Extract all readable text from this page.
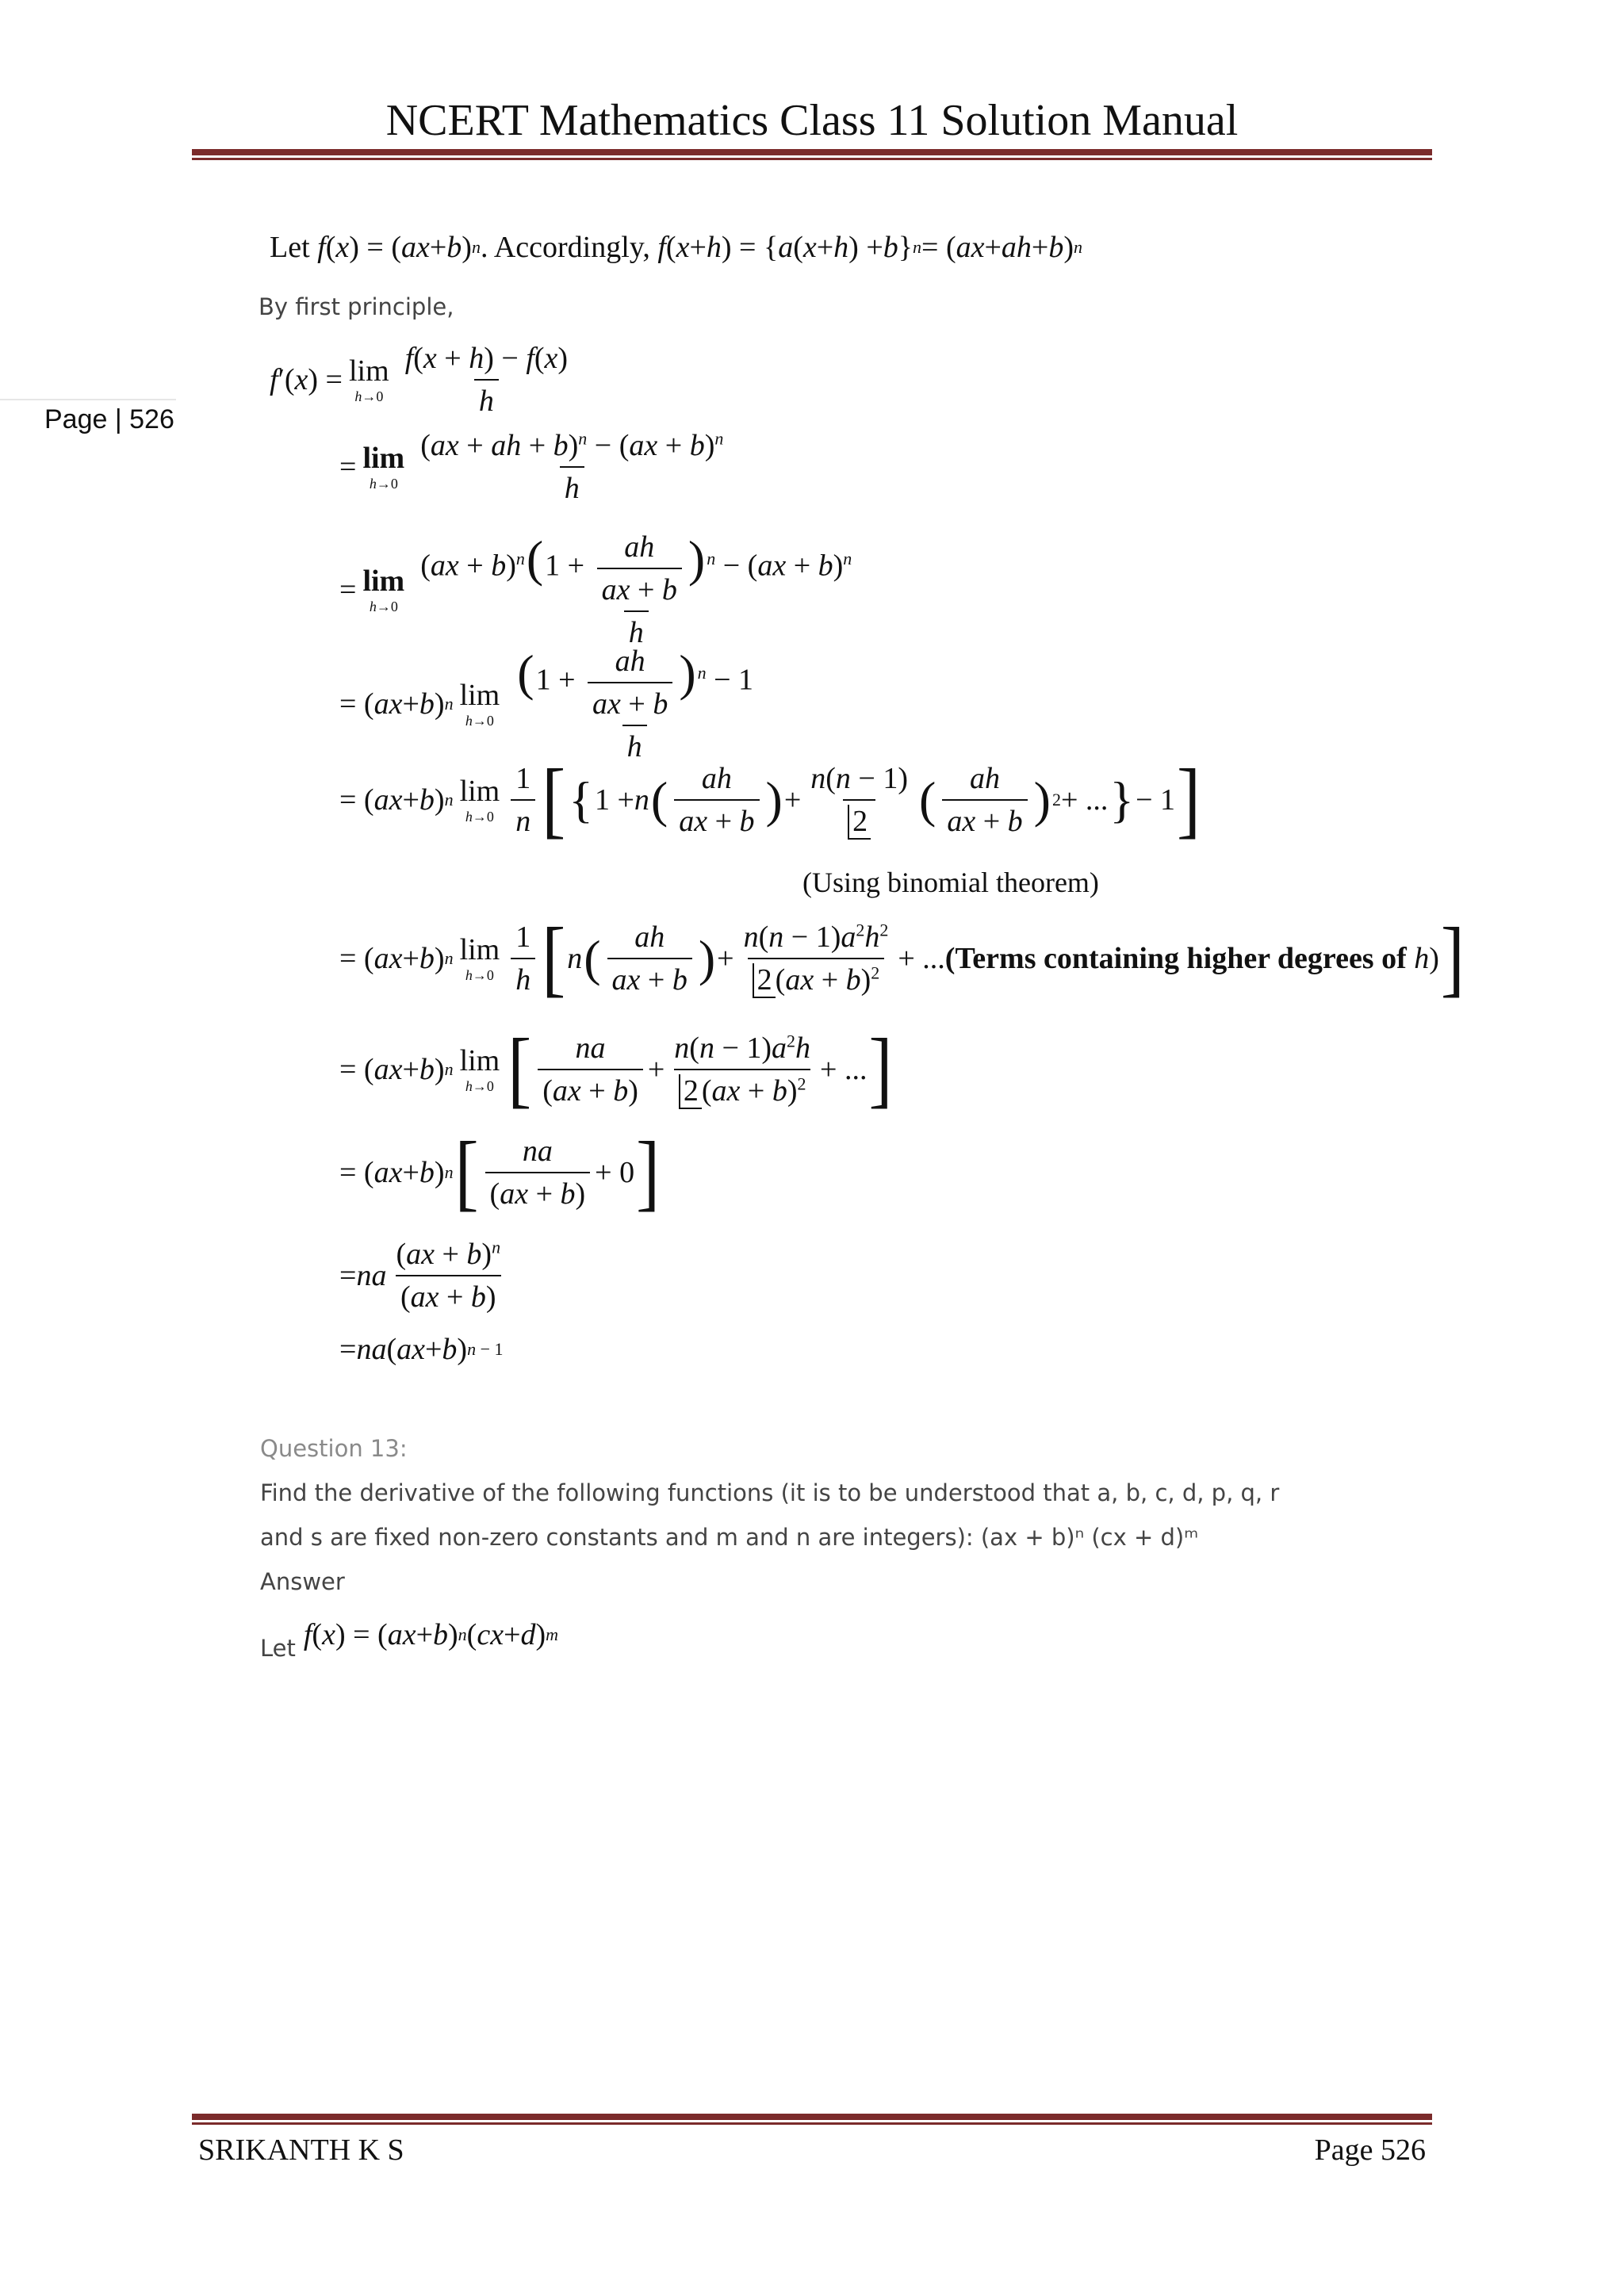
NCERT Mathematics Class 11 Solution Manual
Page | 526
Let
f ( x ) = ( ax + b ) n . Accordingly,
f ( x + h ) = { a ( x + h ) + b } n = ( ax + ah + b ) n
By first principle,
f ′( x ) = lim
$h\to 0 \frac{f(x + h) - f(x)}{h}$
= lim
$h\to 0 \frac{(ax + ah + b)^n - (ax + b)^n}{h}$
= lim
$h\to 0 \frac{(ax + b)^n(1 + \frac{ah}{ax + b} )^n - (ax + b)^n}{h}$
= ( ax + b ) n lim
$h\to 0 \frac{(1 + \frac{ah}{ax + b} )^n - 1}{h}$
= ( ax + b ) n lim
$h\to 0 \frac{1}{n}$ [ { 1 + n ( $\frac{ah}{ax + b}$ ) + $\frac{n(n - 1)}{2}$ ( $\frac{ah}{ax + b}$ ) 2 + ... } − 1 ]
(Using binomial theorem)
= ( ax + b ) n lim
$h\to 0 \frac{1}{h}$ [ n ( $\frac{ah}{ax + b}$ ) + $\frac{n(n - 1)a^2h^2}{2 (ax + b)^2}$ + ... (Terms containing higher degrees of
h ) ]
= ( ax + b ) n lim
h→0 [ $\frac{na}{(ax + b)} + \frac{n(n - 1)a^2h}{2 (ax + b)^2}$ + ... ]
= ( ax + b ) n [ $\frac{na}{(ax + b)} + 0$ ]
= na $\frac{(ax + b)^n}{(ax + b)}$
= na ( ax + b ) n − 1
Question 13:
Find the derivative of the following functions (it is to be understood that a, b, c, d, p, q, r
and s are fixed non-zero constants and m and n are integers): (ax + b)ⁿ (cx + d)ᵐ
Answer
Let f ( x ) = ( ax + b ) n ( cx + d ) m
SRIKANTH K S	Page 526
